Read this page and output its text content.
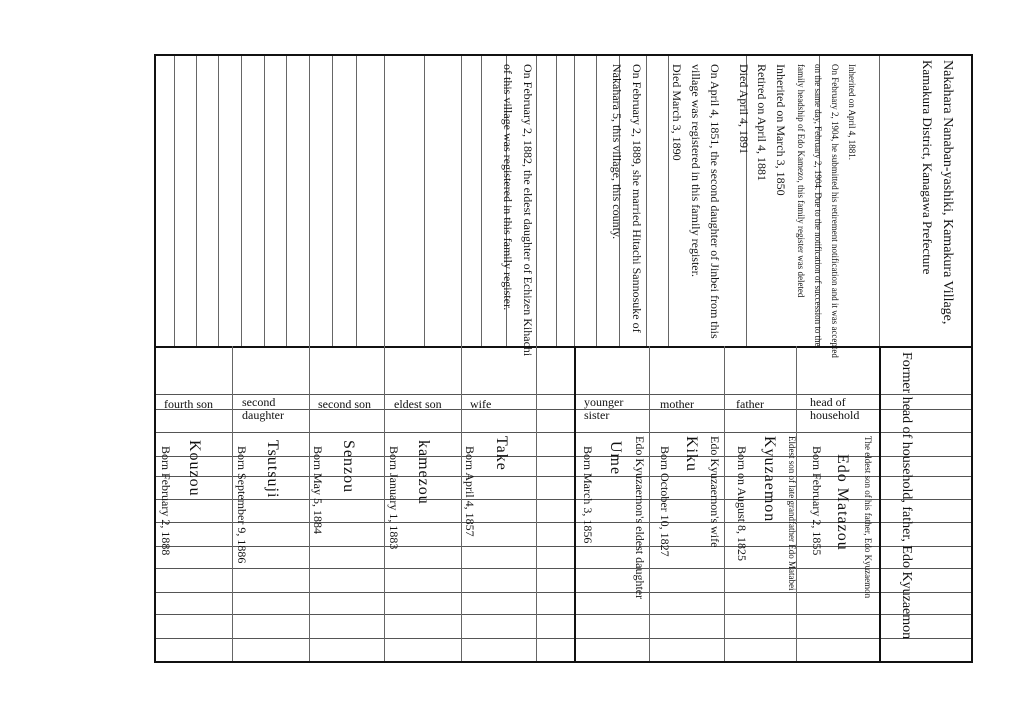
Nakahara Nanaban-yashiki, Kamakura Village,
Kamakura District, Kanagawa Prefecture
Former head of household, father, Edo Kyuzaemon
Inherited on April 4, 1881.
On February 2, 1904, he submitted his retirement notification and it was accepted
on the same day, February 2, 1904. Due to the notification of succession to the
family headship of Edo Kamezo, this family register was deleted
Inherited on March 3, 1850
Retired on April 4, 1881
Died April 4, 1891
On April 4, 1851, the second daughter of Jinbei from this
village was registered in this family register.
Died March 3, 1890
On February 2, 1889, she married Hitachi Sannosuke of
Nakahara 5, this village, this county.
On February 2, 1882, the eldest daughter of Echizen Kihachi
of this village was registered in this family register.
head of household
father
mother
younger sister
wife
eldest son
second son
second daughter
fourth son
The eldest son of his father, Edo Kyuzaemon
Edo Matazou
Born February 2, 1855
Eldest son of late grandfather Edo Matabei
Kyuzaemon
Born on August 8, 1825
Edo Kyuzaemon's wife
Kiku
Born October 10, 1827
Edo Kyuzaemon's eldest daughter
Ume
Born March 3, 1856
Take
Born April 4, 1857
kamezou
Born January 1, 1883
Senzou
Born May 5, 1884
Tsutsuji
Born September 9, 1886
Kouzou
Born February 2, 1888
